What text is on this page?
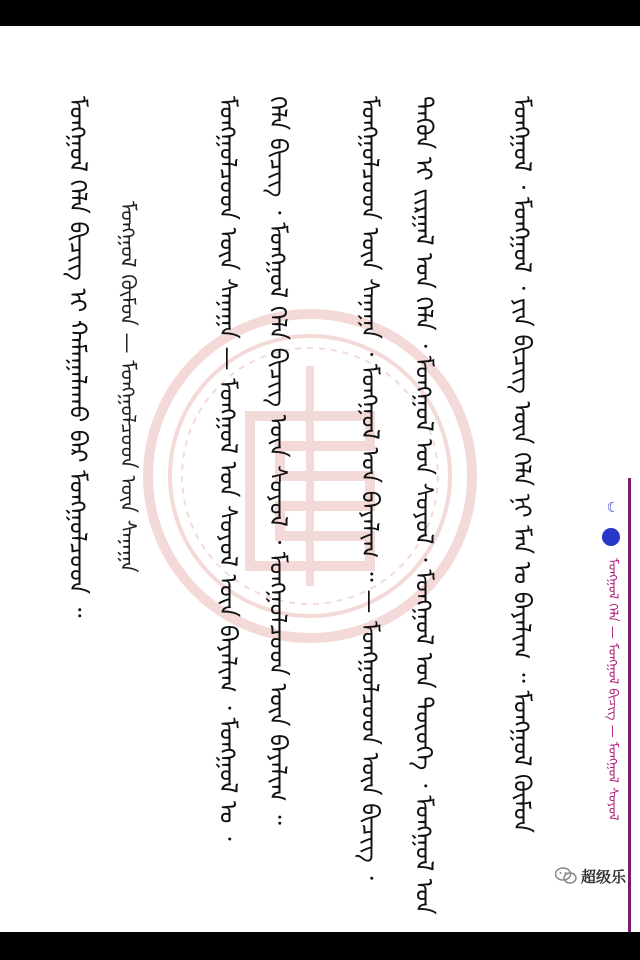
ᠮᠣᠩᠭᠣᠯ ᠂ ᠮᠣᠩᠭᠣᠯ ᠂ ᠶᠢᠨ ᠪᠢᠴᠢᠭ ᠦᠨ ᠬᠡᠯᠡ ᠨᠢ ᠮᠠᠨ ᠤ ᠪᠠᠶᠠᠯᠢᠭ ᠃ ᠮᠣᠩᠭᠣᠯ ᠬᠦᠮᠦᠨ
ᠲᠡᠭᠦᠨ ᠢ ᠵᠢᠷᠭᠠᠯ ᠤᠨ ᠬᠡᠯᠡ ᠂ ᠮᠣᠩᠭᠣᠯ ᠤᠨ ᠰᠣᠶᠣᠯ ᠂ ᠮᠣᠩᠭᠣᠯ ᠤᠨ ᠲᠦᠦᠬᠡ ᠂ ᠮᠣᠩᠭᠣᠯ ᠤᠨ
ᠮᠣᠩᠭᠣᠯᠴᠤᠳ ᠦᠨ ᠰᠠᠨᠠᠭᠠ ᠂ ᠮᠣᠩᠭᠣᠯ ᠤᠨ ᠪᠠᠶᠠᠯᠢᠭ ᠃ — ᠮᠣᠩᠭᠣᠯᠴᠤᠳ ᠦᠨ ᠪᠢᠴᠢᠭ ᠂
ᠬᠡᠯᠡ ᠪᠢᠴᠢᠭ ᠂ ᠮᠣᠩᠭᠣᠯ ᠬᠡᠯᠡ ᠪᠢᠴᠢᠭ ᠦᠨ ᠰᠣᠶᠣᠯ ᠂ ᠮᠣᠩᠭᠣᠯᠴᠤᠳ ᠦᠨ ᠪᠠᠶᠠᠯᠢᠭ ᠃
ᠮᠣᠩᠭᠣᠯᠴᠤᠳ ᠦᠨ ᠰᠠᠨᠠᠭᠠ — ᠮᠣᠩᠭᠣᠯ ᠤᠨ ᠰᠣᠶᠣᠯ ᠦᠨ ᠪᠠᠶᠠᠯᠢᠭ ᠂ ᠮᠣᠩᠭᠣᠯ ᠤ ᠂
ᠮᠣᠩᠭᠣᠯ ᠬᠡᠯᠡ ᠪᠢᠴᠢᠭ ᠢ ᠬᠠᠮᠠᠭᠠᠯᠠᠬᠤ ᠪᠠᠷ ᠮᠣᠩᠭᠣᠯᠴᠤᠳ ᠃	ᠮᠣᠩᠭᠣᠯ ᠬᠦᠮᠦᠨ — ᠮᠣᠩᠭᠣᠯᠴᠤᠳ ᠦᠨ ᠰᠠᠨᠠᠭᠠ	☾
ᠮᠣᠩᠭᠣᠯ ᠬᠡᠯᠡ — ᠮᠣᠩᠭᠣᠯ ᠪᠢᠴᠢᠭ — ᠮᠣᠩᠭᠣᠯ ᠰᠣᠶᠣᠯ
超级乐
